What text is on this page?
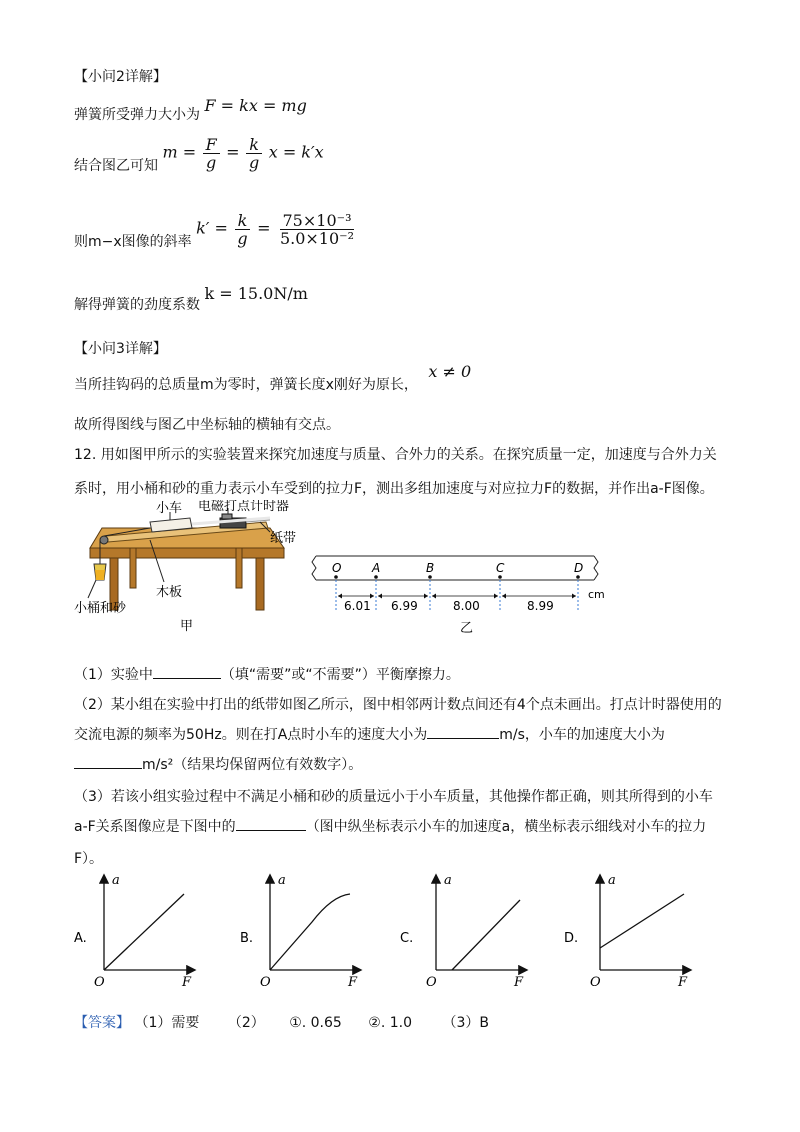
【小问2详解】
弹簧所受弹力大小为 F = kx = mg
结合图乙可知 $m = \frac{F}{g} = \frac{k}{g}$ x = k′x
则m−x图像的斜率 $k' = \frac{k}{g} = \frac{\text{75×10⁻³}}{\text{5.0×10⁻²}}$
解得弹簧的劲度系数 k = 15.0N/m
【小问3详解】
当所挂钩码的总质量m为零时，弹簧长度x刚好为原长， x ≠ 0
故所得图线与图乙中坐标轴的横轴有交点。
12. 用如图甲所示的实验装置来探究加速度与质量、合外力的关系。在探究质量一定，加速度与合外力关
系时，用小桶和砂的重力表示小车受到的拉力F，测出多组加速度与对应拉力F的数据，并作出a-F图像。
小车 电磁打点计时器
纸带
木板
小桶和砂
甲
O	A	B	C	D
6.01 6.99	8.00	8.99
cm
乙
（1）实验中	（填“需要”或“不需要”）平衡摩擦力。
（2）某小组在实验中打出的纸带如图乙所示，图中相邻两计数点间还有4个点未画出。打点计时器使用的
交流电源的频率为50Hz。则在打A点时小车的速度大小为	m/s，小车的加速度大小为
m/s²（结果均保留两位有效数字）。
（3）若该小组实验过程中不满足小桶和砂的质量远小于小车质量，其他操作都正确，则其所得到的小车
a-F关系图像应是下图中的	（图中纵坐标表示小车的加速度a，横坐标表示细线对小车的拉力
F）。
A.
a
F
O
B.
a
F
O
C.
a
F
O
D.
a
F
O
【答案】 （1）需要 （2） ①. 0.65 ②. 1.0 （3）B
